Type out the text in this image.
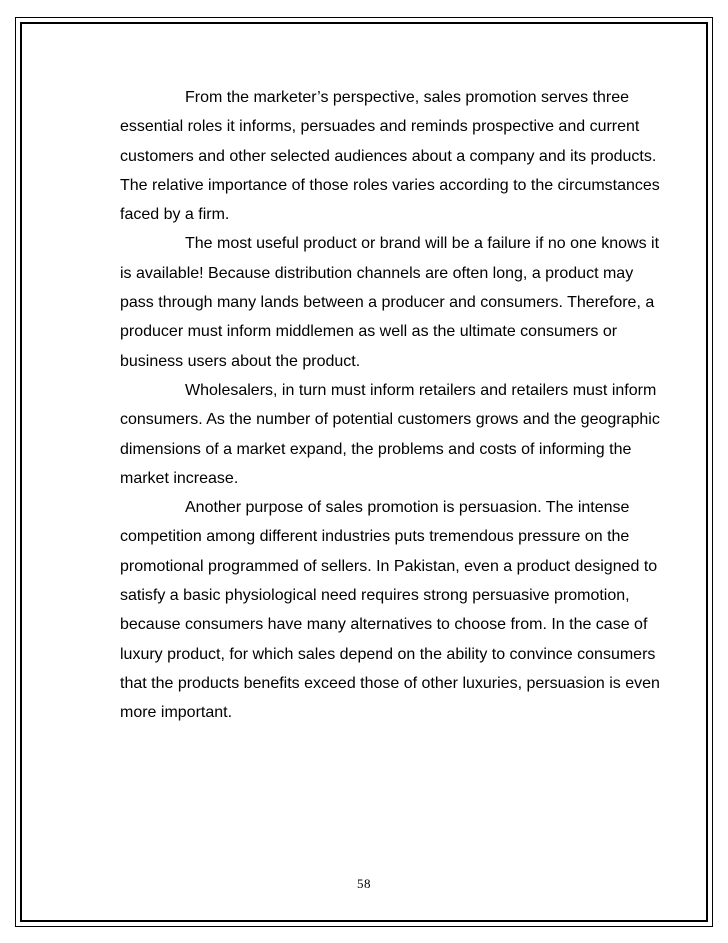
From the marketer’s perspective, sales promotion serves three essential roles it informs, persuades and reminds prospective and current customers and other selected audiences about a company and its products. The relative importance of those roles varies according to the circumstances faced by a firm.

The most useful product or brand will be a failure if no one knows it is available! Because distribution channels are often long, a product may pass through many lands between a producer and consumers. Therefore, a producer must inform middlemen as well as the ultimate consumers or business users about the product.

Wholesalers, in turn must inform retailers and retailers must inform consumers. As the number of potential customers grows and the geographic dimensions of a market expand, the problems and costs of informing the market increase.

Another purpose of sales promotion is persuasion. The intense competition among different industries puts tremendous pressure on the promotional programmed of sellers. In Pakistan, even a product designed to satisfy a basic physiological need requires strong persuasive promotion, because consumers have many alternatives to choose from. In the case of luxury product, for which sales depend on the ability to convince consumers that the products benefits exceed those of other luxuries, persuasion is even more important.

58
